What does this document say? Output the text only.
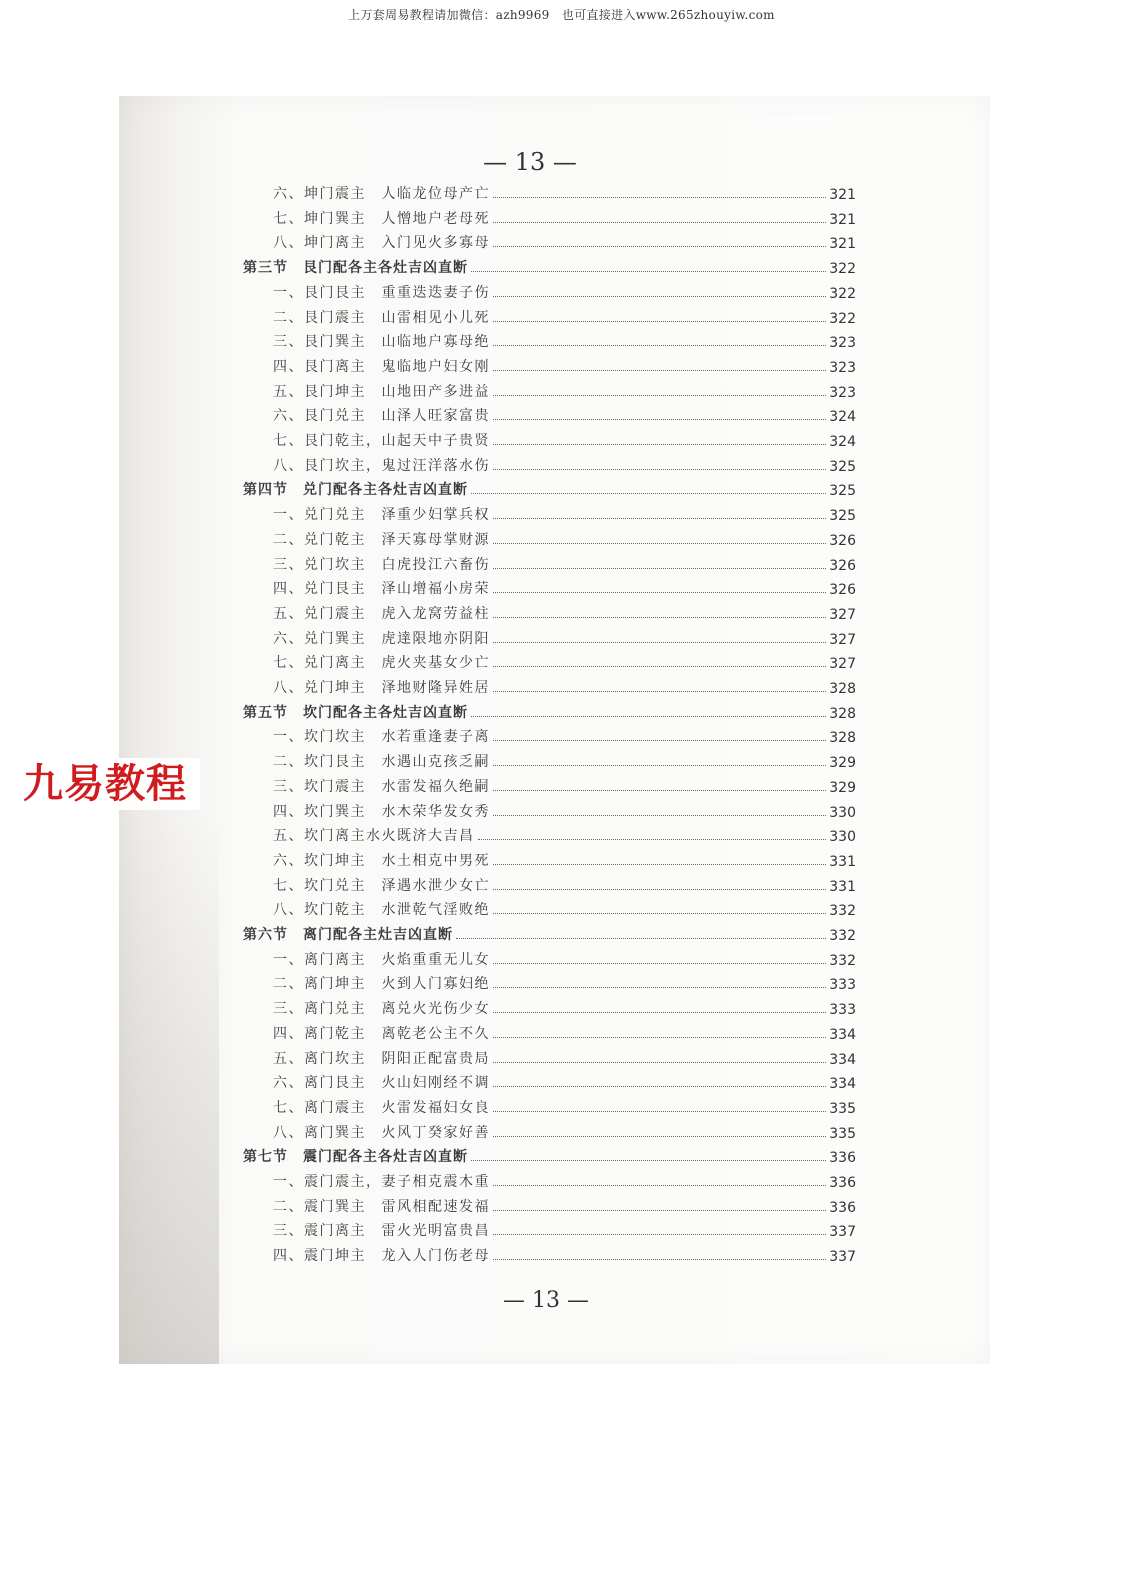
上万套周易教程请加微信：azh9969　也可直接进入www.265zhouyiw.com
— 13 —
六、坤门震主　人临龙位母产亡	321
七、坤门巽主　人憎地户老母死	321
八、坤门离主　入门见火多寡母	321
第三节　艮门配各主各灶吉凶直断	322
一、艮门艮主　重重迭迭妻子伤	322
二、艮门震主　山雷相见小儿死	322
三、艮门巽主　山临地户寡母绝	323
四、艮门离主　鬼临地户妇女刚	323
五、艮门坤主　山地田产多进益	323
六、艮门兑主　山泽人旺家富贵	324
七、艮门乾主，山起天中子贵贤	324
八、艮门坎主，鬼过汪洋落水伤	325
第四节　兑门配各主各灶吉凶直断	325
一、兑门兑主　泽重少妇掌兵权	325
二、兑门乾主　泽天寡母掌财源	326
三、兑门坎主　白虎投江六畜伤	326
四、兑门艮主　泽山增福小房荣	326
五、兑门震主　虎入龙窝劳益柱	327
六、兑门巽主　虎達限地亦阴阳	327
七、兑门离主　虎火夹基女少亡	327
八、兑门坤主　泽地财隆异姓居	328
第五节　坎门配各主各灶吉凶直断	328
一、坎门坎主　水若重逢妻子离	328
二、坎门艮主　水遇山克孩乏嗣	329
三、坎门震主　水雷发福久绝嗣	329
四、坎门巽主　水木荣华发女秀	330
五、坎门离主水火既济大吉昌	330
六、坎门坤主　水土相克中男死	331
七、坎门兑主　泽遇水泄少女亡	331
八、坎门乾主　水泄乾气淫败绝	332
第六节　离门配各主灶吉凶直断	332
一、离门离主　火焰重重无儿女	332
二、离门坤主　火到人门寡妇绝	333
三、离门兑主　离兑火光伤少女	333
四、离门乾主　离乾老公主不久	334
五、离门坎主　阴阳正配富贵局	334
六、离门艮主　火山妇刚经不调	334
七、离门震主　火雷发福妇女良	335
八、离门巽主　火风丁癸家好善	335
第七节　震门配各主各灶吉凶直断	336
一、震门震主，妻子相克震木重	336
二、震门巽主　雷风相配速发福	336
三、震门离主　雷火光明富贵昌	337
四、震门坤主　龙入人门伤老母	337
— 13 —
九易教程
